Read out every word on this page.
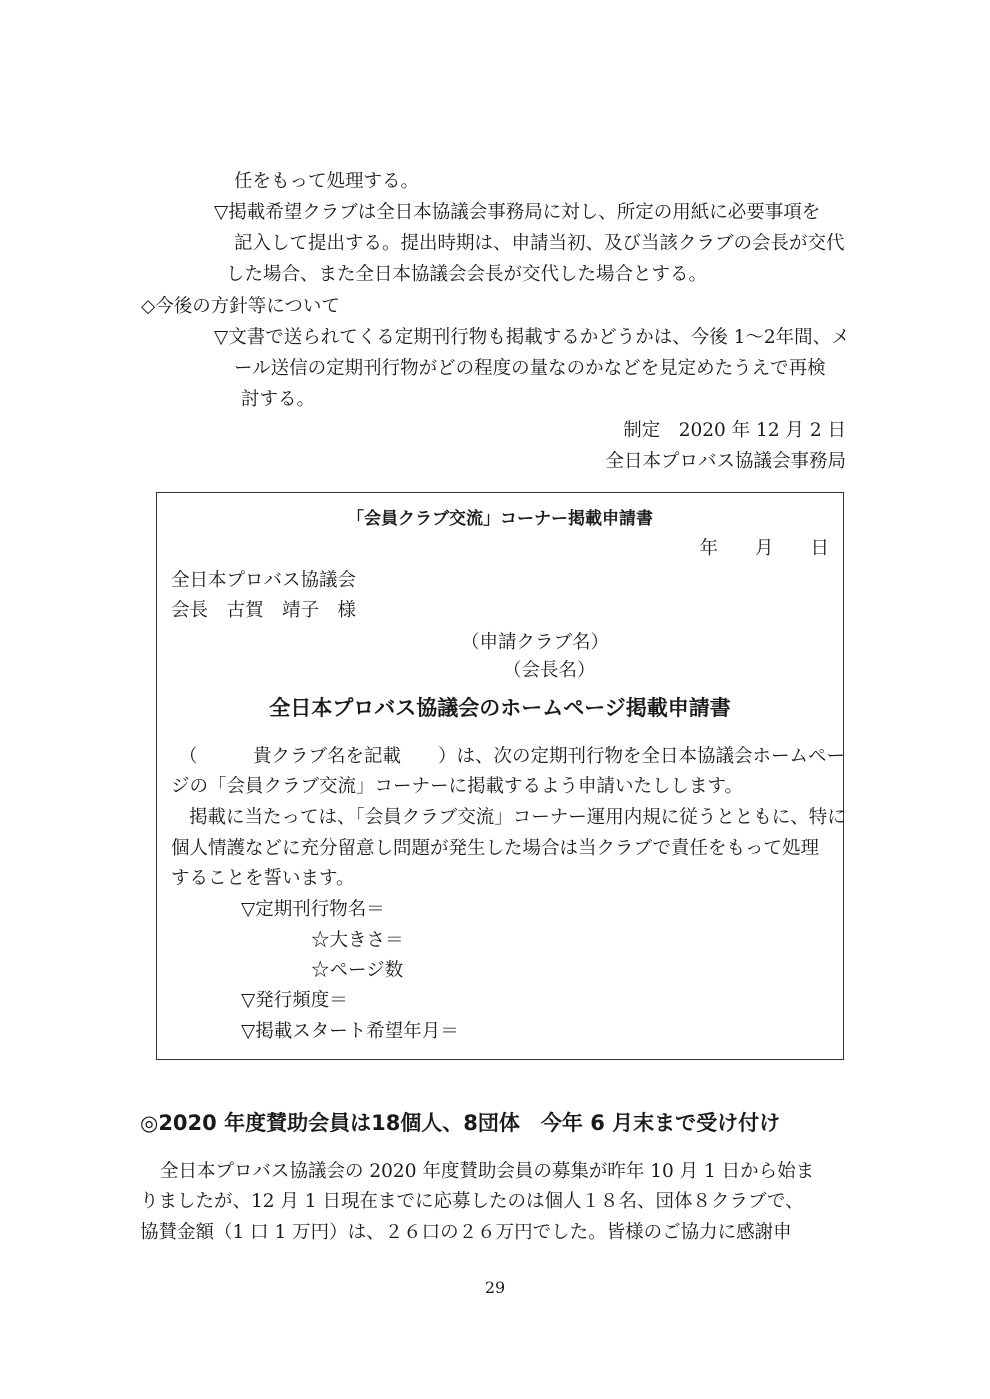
任をもって処理する。
▽掲載希望クラブは全日本協議会事務局に対し、所定の用紙に必要事項を
記入して提出する。提出時期は、申請当初、及び当該クラブの会長が交代
した場合、また全日本協議会会長が交代した場合とする。
◇今後の方針等について
▽文書で送られてくる定期刊行物も掲載するかどうかは、今後 1〜2年間、メ
ール送信の定期刊行物がどの程度の量なのかなどを見定めたうえで再検
討する。
制定　2020 年 12 月 2 日
全日本プロバス協議会事務局
「会員クラブ交流」コーナー掲載申請書
年　　月　　日
全日本プロバス協議会
会長　古賀　靖子　様
（申請クラブ名）
（会長名）
全日本プロバス協議会のホームページ掲載申請書
（　　　貴クラブ名を記載　　）は、次の定期刊行物を全日本協議会ホームペー
ジの「会員クラブ交流」コーナーに掲載するよう申請いたしします。
掲載に当たっては、「会員クラブ交流」コーナー運用内規に従うとともに、特に
個人情護などに充分留意し問題が発生した場合は当クラブで責任をもって処理
することを誓います。
▽定期刊行物名＝
☆大きさ＝
☆ページ数
▽発行頻度＝
▽掲載スタート希望年月＝
◎2020 年度賛助会員は18個人、8団体　今年 6 月末まで受け付け
全日本プロバス協議会の 2020 年度賛助会員の募集が昨年 10 月 1 日から始ま
りましたが、12 月 1 日現在までに応募したのは個人１８名、団体８クラブで、
協賛金額（1 口 1 万円）は、２６口の２６万円でした。皆様のご協力に感謝申
29
